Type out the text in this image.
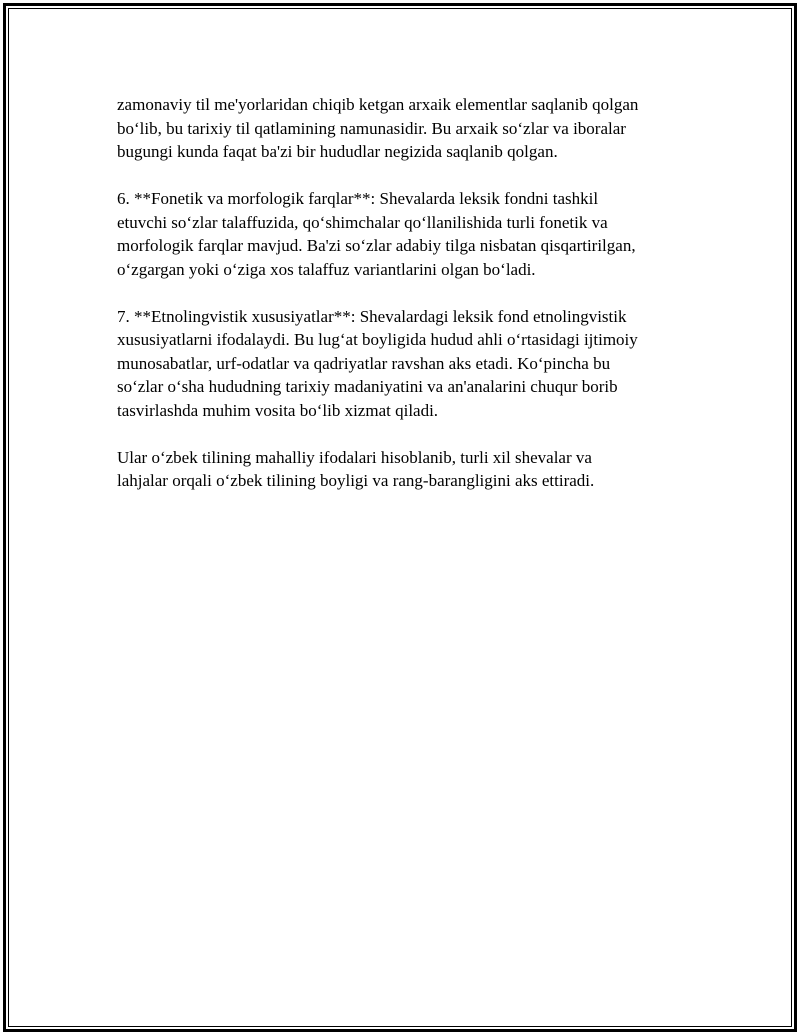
zamonaviy til me'yorlaridan chiqib ketgan arxaik elementlar saqlanib qolgan
bo‘lib, bu tarixiy til qatlamining namunasidir. Bu arxaik so‘zlar va iboralar
bugungi kunda faqat ba'zi bir hududlar negizida saqlanib qolgan.

6. **Fonetik va morfologik farqlar**: Shevalarda leksik fondni tashkil
etuvchi so‘zlar talaffuzida, qo‘shimchalar qo‘llanilishida turli fonetik va
morfologik farqlar mavjud. Ba'zi so‘zlar adabiy tilga nisbatan qisqartirilgan,
o‘zgargan yoki o‘ziga xos talaffuz variantlarini olgan bo‘ladi.

7. **Etnolingvistik xususiyatlar**: Shevalardagi leksik fond etnolingvistik
xususiyatlarni ifodalaydi. Bu lug‘at boyligida hudud ahli o‘rtasidagi ijtimoiy
munosabatlar, urf-odatlar va qadriyatlar ravshan aks etadi. Ko‘pincha bu
so‘zlar o‘sha hududning tarixiy madaniyatini va an'analarini chuqur borib
tasvirlashda muhim vosita bo‘lib xizmat qiladi.

Ular o‘zbek tilining mahalliy ifodalari hisoblanib, turli xil shevalar va
lahjalar orqali o‘zbek tilining boyligi va rang-barangligini aks ettiradi.
